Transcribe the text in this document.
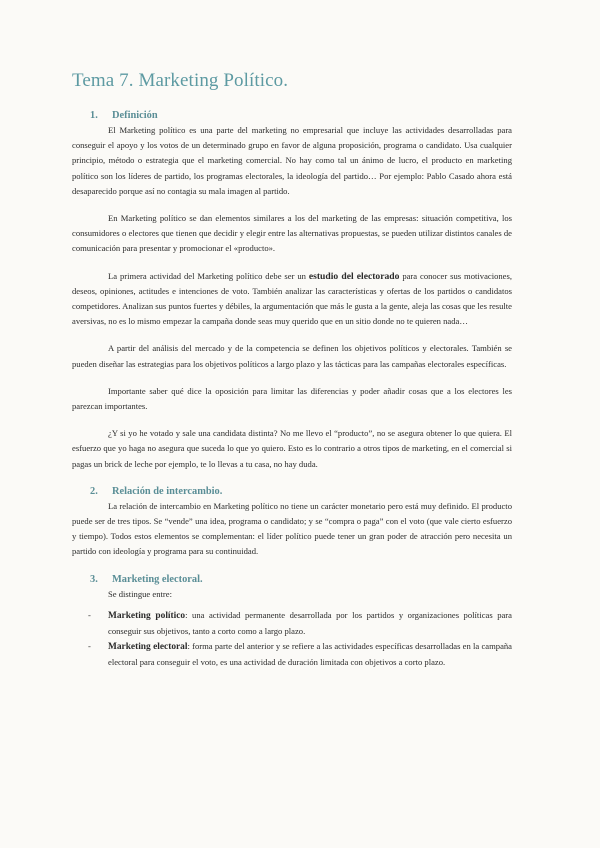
Tema 7. Marketing Político.
1. Definición

El Marketing político es una parte del marketing no empresarial que incluye las actividades desarrolladas para conseguir el apoyo y los votos de un determinado grupo en favor de alguna proposición, programa o candidato. Usa cualquier principio, método o estrategia que el marketing comercial. No hay como tal un ánimo de lucro, el producto en marketing político son los líderes de partido, los programas electorales, la ideología del partido… Por ejemplo: Pablo Casado ahora está desaparecido porque así no contagia su mala imagen al partido.

En Marketing político se dan elementos similares a los del marketing de las empresas: situación competitiva, los consumidores o electores que tienen que decidir y elegir entre las alternativas propuestas, se pueden utilizar distintos canales de comunicación para presentar y promocionar el «producto».

La primera actividad del Marketing político debe ser un estudio del electorado para conocer sus motivaciones, deseos, opiniones, actitudes e intenciones de voto. También analizar las características y ofertas de los partidos o candidatos competidores. Analizan sus puntos fuertes y débiles, la argumentación que más le gusta a la gente, aleja las cosas que les resulte aversivas, no es lo mismo empezar la campaña donde seas muy querido que en un sitio donde no te quieren nada…

A partir del análisis del mercado y de la competencia se definen los objetivos políticos y electorales. También se pueden diseñar las estrategias para los objetivos políticos a largo plazo y las tácticas para las campañas electorales específicas.

Importante saber qué dice la oposición para limitar las diferencias y poder añadir cosas que a los electores les parezcan importantes.

¿Y si yo he votado y sale una candidata distinta? No me llevo el “producto”, no se asegura obtener lo que quiera. El esfuerzo que yo haga no asegura que suceda lo que yo quiero. Esto es lo contrario a otros tipos de marketing, en el comercial si pagas un brick de leche por ejemplo, te lo llevas a tu casa, no hay duda.

2. Relación de intercambio.

La relación de intercambio en Marketing político no tiene un carácter monetario pero está muy definido. El producto puede ser de tres tipos. Se “vende” una idea, programa o candidato; y se “compra o paga” con el voto (que vale cierto esfuerzo y tiempo). Todos estos elementos se complementan: el líder político puede tener un gran poder de atracción pero necesita un partido con ideología y programa para su continuidad.

3. Marketing electoral.

Se distingue entre:

- Marketing político: una actividad permanente desarrollada por los partidos y organizaciones políticas para conseguir sus objetivos, tanto a corto como a largo plazo.
- Marketing electoral: forma parte del anterior y se refiere a las actividades específicas desarrolladas en la campaña electoral para conseguir el voto, es una actividad de duración limitada con objetivos a corto plazo.
